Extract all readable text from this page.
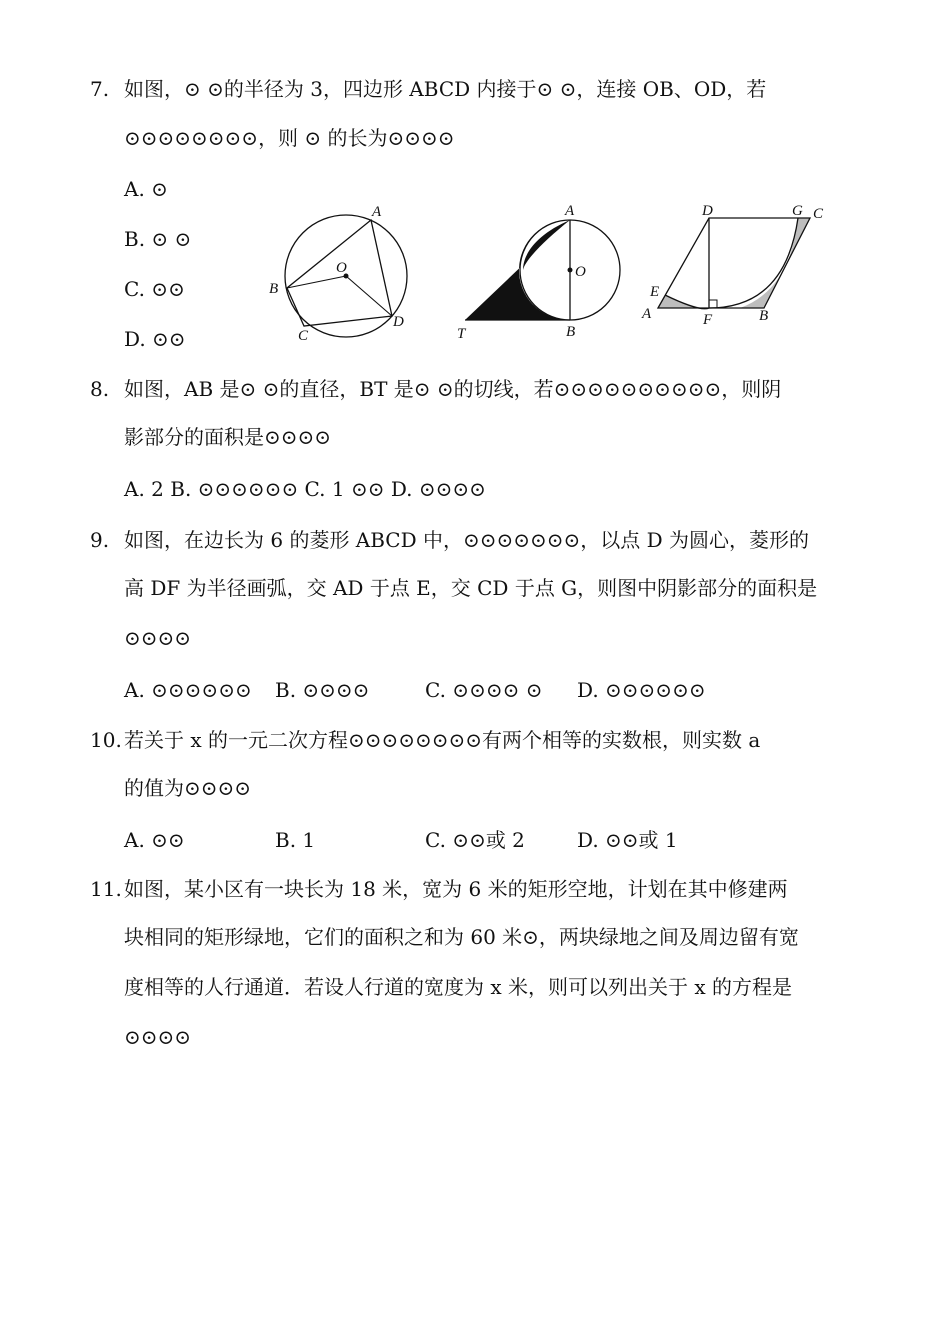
7. 如图，⊙ ⊙的半径为 3，四边形 ABCD 内接于⊙ ⊙，连接 OB、OD，若
⊙⊙⊙⊙⊙⊙⊙⊙，则 ⊙ 的长为⊙⊙⊙⊙
A. ⊙
B. ⊙ ⊙
C. ⊙⊙
D. ⊙⊙
A
B
C
D
O
A
O
T	B
D	G C
E
A	F	B
8. 如图，AB 是⊙ ⊙的直径，BT 是⊙ ⊙的切线，若⊙⊙⊙⊙⊙⊙⊙⊙⊙⊙，则阴
影部分的面积是⊙⊙⊙⊙
A. 2 B. ⊙⊙⊙⊙⊙⊙ C. 1 ⊙⊙ D. ⊙⊙⊙⊙
9. 如图，在边长为 6 的菱形 ABCD 中，⊙⊙⊙⊙⊙⊙⊙，以点 D 为圆心，菱形的
高 DF 为半径画弧，交 AD 于点 E，交 CD 于点 G，则图中阴影部分的面积是
⊙⊙⊙⊙
A. ⊙⊙⊙⊙⊙⊙ B. ⊙⊙⊙⊙	C. ⊙⊙⊙⊙ ⊙ D. ⊙⊙⊙⊙⊙⊙
10. 若关于 x 的一元二次方程⊙⊙⊙⊙⊙⊙⊙⊙有两个相等的实数根，则实数 a
的值为⊙⊙⊙⊙
A. ⊙⊙	B. 1	C. ⊙⊙或 2	D. ⊙⊙或 1
11. 如图，某小区有一块长为 18 米，宽为 6 米的矩形空地，计划在其中修建两
块相同的矩形绿地，它们的面积之和为 60 米⊙，两块绿地之间及周边留有宽
度相等的人行通道．若设人行道的宽度为 x 米，则可以列出关于 x 的方程是
⊙⊙⊙⊙
